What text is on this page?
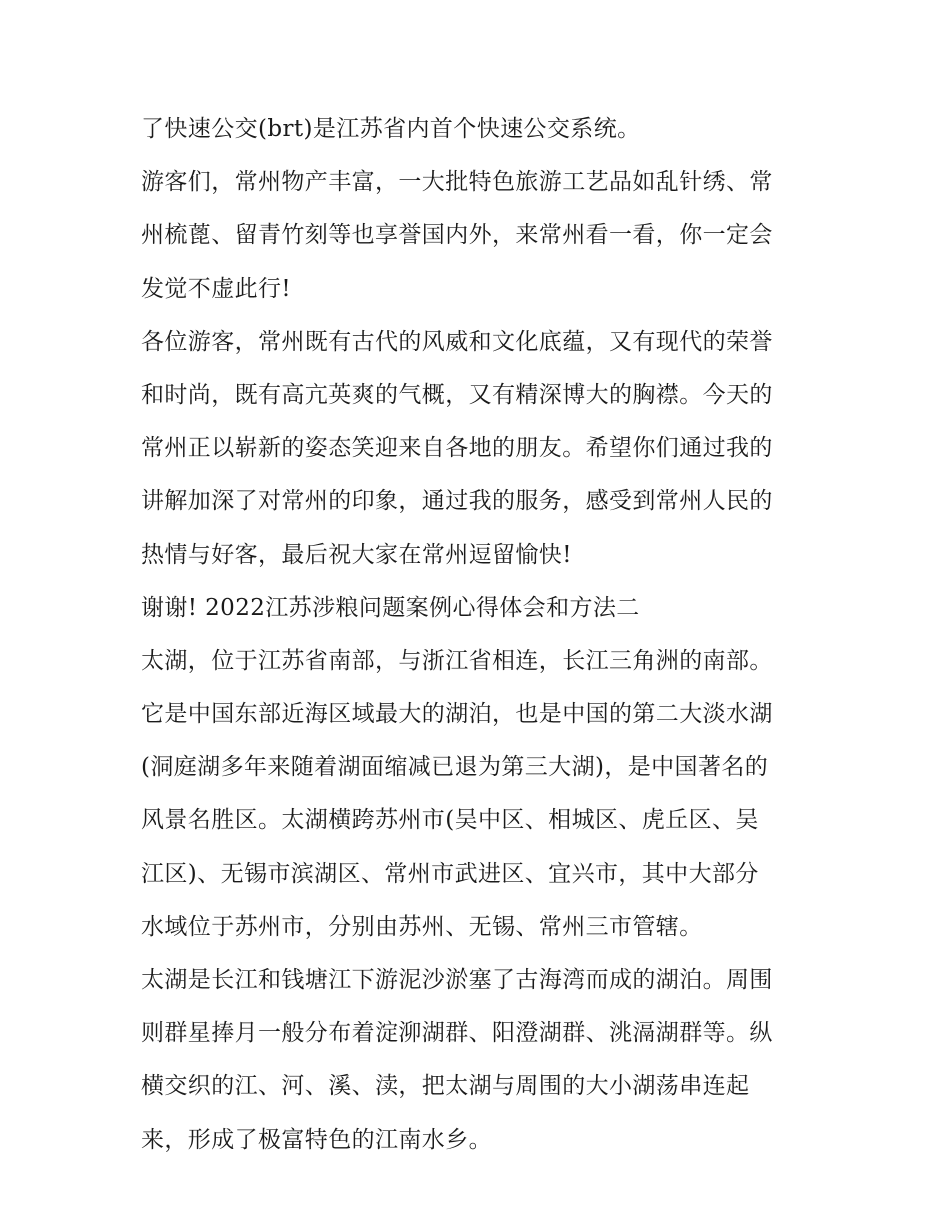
了快速公交(brt)是江苏省内首个快速公交系统。
游客们，常州物产丰富，一大批特色旅游工艺品如乱针绣、常
州梳蓖、留青竹刻等也享誉国内外，来常州看一看，你一定会
发觉不虚此行!
各位游客，常州既有古代的风威和文化底蕴，又有现代的荣誉
和时尚，既有高亢英爽的气概，又有精深博大的胸襟。今天的
常州正以崭新的姿态笑迎来自各地的朋友。希望你们通过我的
讲解加深了对常州的印象，通过我的服务，感受到常州人民的
热情与好客，最后祝大家在常州逗留愉快!
谢谢! 2022江苏涉粮问题案例心得体会和方法二
太湖，位于江苏省南部，与浙江省相连，长江三角洲的南部。
它是中国东部近海区域最大的湖泊，也是中国的第二大淡水湖
(洞庭湖多年来随着湖面缩减已退为第三大湖)，是中国著名的
风景名胜区。太湖横跨苏州市(吴中区、相城区、虎丘区、吴
江区)、无锡市滨湖区、常州市武进区、宜兴市，其中大部分
水域位于苏州市，分别由苏州、无锡、常州三市管辖。
太湖是长江和钱塘江下游泥沙淤塞了古海湾而成的湖泊。周围
则群星捧月一般分布着淀泖湖群、阳澄湖群、洮滆湖群等。纵
横交织的江、河、溪、渎，把太湖与周围的大小湖荡串连起
来，形成了极富特色的江南水乡。
